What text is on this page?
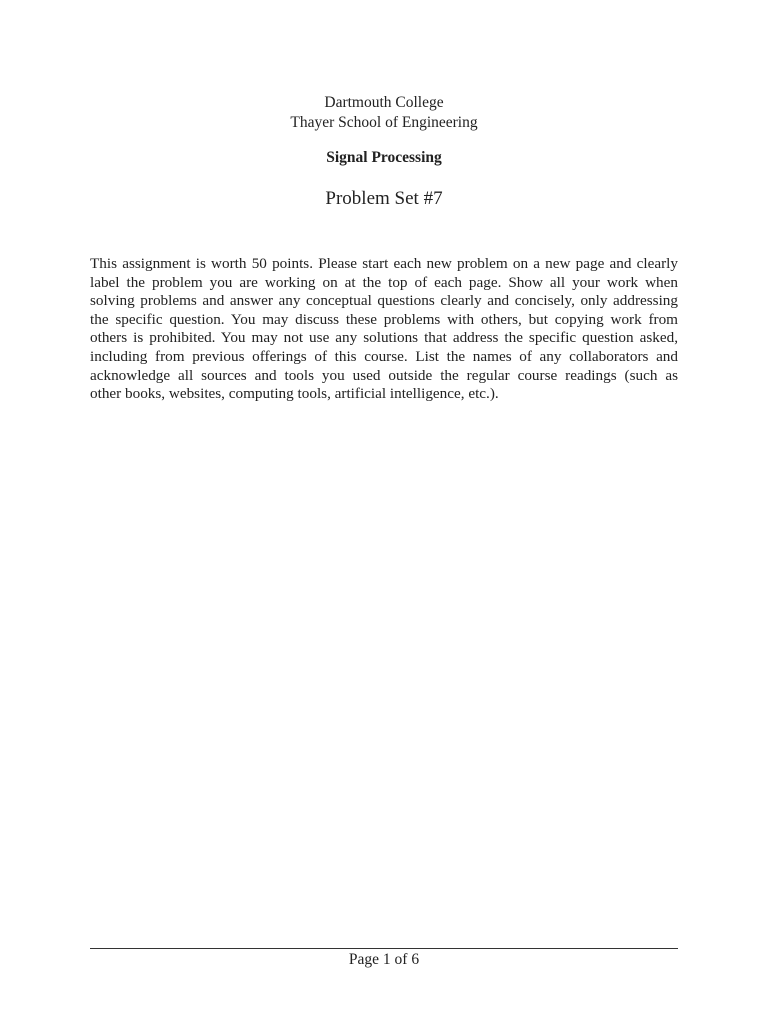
Dartmouth College
Thayer School of Engineering
Signal Processing
Problem Set #7
This assignment is worth 50 points. Please start each new problem on a new page and clearly
label the problem you are working on at the top of each page. Show all your work when
solving problems and answer any conceptual questions clearly and concisely, only addressing
the specific question. You may discuss these problems with others, but copying work from
others is prohibited. You may not use any solutions that address the specific question asked,
including from previous offerings of this course. List the names of any collaborators and
acknowledge all sources and tools you used outside the regular course readings (such as
other books, websites, computing tools, artificial intelligence, etc.).
Page 1 of 6
